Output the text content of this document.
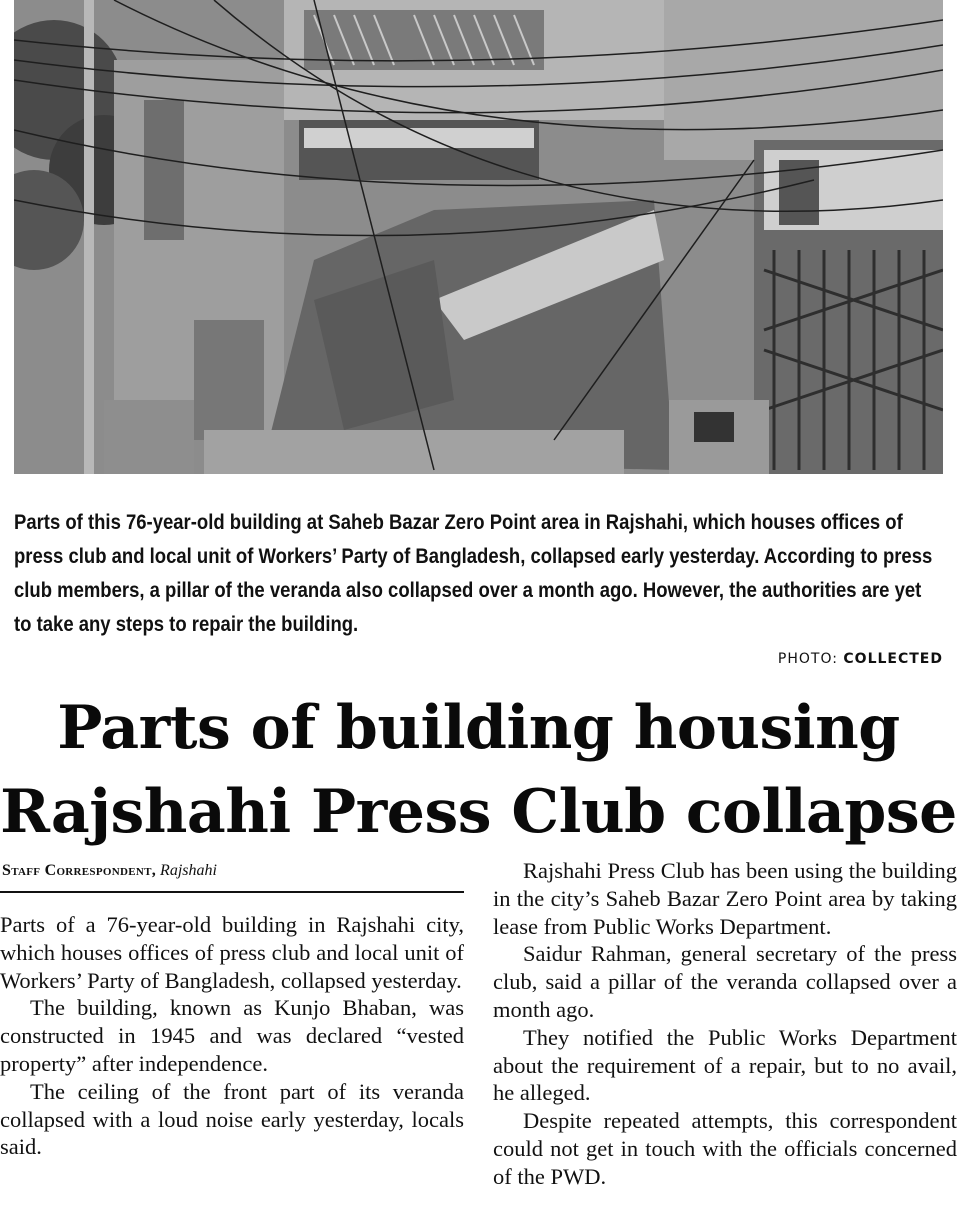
Parts of this 76-year-old building at Saheb Bazar Zero Point area in Rajshahi, which houses offices of press club and local unit of Workers’ Party of Bangladesh, collapsed early yesterday. According to press club members, a pillar of the veranda also collapsed over a month ago. However, the authorities are yet to take any steps to repair the building.
PHOTO: COLLECTED
Parts of building housing
Rajshahi Press Club collapse
Staff Correspondent, Rajshahi

Parts of a 76-year-old building in Rajshahi city, which houses offices of press club and local unit of Workers’ Party of Bangladesh, collapsed yesterday.

The building, known as Kunjo Bhaban, was constructed in 1945 and was declared “vested property” after independence.

The ceiling of the front part of its veranda collapsed with a loud noise early yesterday, locals said.

Rajshahi Press Club has been using the building in the city’s Saheb Bazar Zero Point area by taking lease from Public Works Department.

Saidur Rahman, general secretary of the press club, said a pillar of the veranda collapsed over a month ago.

They notified the Public Works Department about the requirement of a repair, but to no avail, he alleged.

Despite repeated attempts, this correspondent could not get in touch with the officials concerned of the PWD.
